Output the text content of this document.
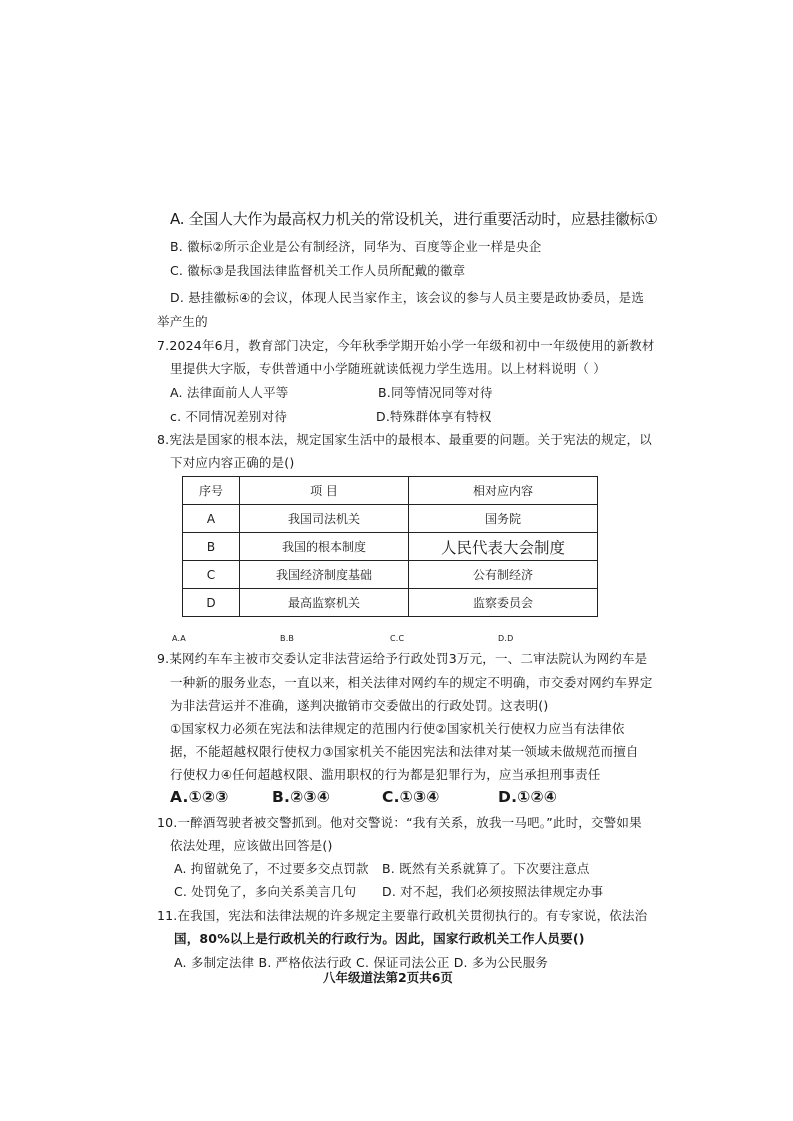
A. 全国人大作为最高权力机关的常设机关，进行重要活动时，应悬挂徽标①
B. 徽标②所示企业是公有制经济，同华为、百度等企业一样是央企
C. 徽标③是我国法律监督机关工作人员所配戴的徽章
D. 悬挂徽标④的会议，体现人民当家作主，该会议的参与人员主要是政协委员，是选
举产生的
7.2024年6月，教育部门决定，今年秋季学期开始小学一年级和初中一年级使用的新教材
里提供大字版，专供普通中小学随班就读低视力学生选用。以上材料说明（ ）
A. 法律面前人人平等	B.同等情况同等对待
c. 不同情况差别对待	D.特殊群体享有特权
8.宪法是国家的根本法，规定国家生活中的最根本、最重要的问题。关于宪法的规定，以
下对应内容正确的是()
序号	项 目	相对应内容
A	我国司法机关	国务院
B	我国的根本制度	人民代表大会制度
C	我国经济制度基础	公有制经济
D	最高监察机关	监察委员会
A.A	B.B	C.C	D.D
9.某网约车车主被市交委认定非法营运给予行政处罚3万元，一、二审法院认为网约车是
一种新的服务业态，一直以来，相关法律对网约车的规定不明确，市交委对网约车界定
为非法营运并不准确，遂判决撤销市交委做出的行政处罚。这表明()
①国家权力必须在宪法和法律规定的范围内行使②国家机关行使权力应当有法律依
据，不能超越权限行使权力③国家机关不能因宪法和法律对某一领域未做规范而擅自
行使权力④任何超越权限、滥用职权的行为都是犯罪行为，应当承担刑事责任
A.①②③	B.②③④	C.①③④	D.①②④
10.一醉酒驾驶者被交警抓到。他对交警说：“我有关系，放我一马吧。”此时，交警如果
依法处理，应该做出回答是()
A. 拘留就免了，不过要多交点罚款 B. 既然有关系就算了。下次要注意点
C. 处罚免了，多向关系美言几句 D. 对不起，我们必须按照法律规定办事
11.在我国，宪法和法律法规的许多规定主要靠行政机关贯彻执行的。有专家说，依法治
国，80%以上是行政机关的行政行为。因此，国家行政机关工作人员要()
A. 多制定法律 B. 严格依法行政 C. 保证司法公正 D. 多为公民服务
八年级道法第2页共6页
